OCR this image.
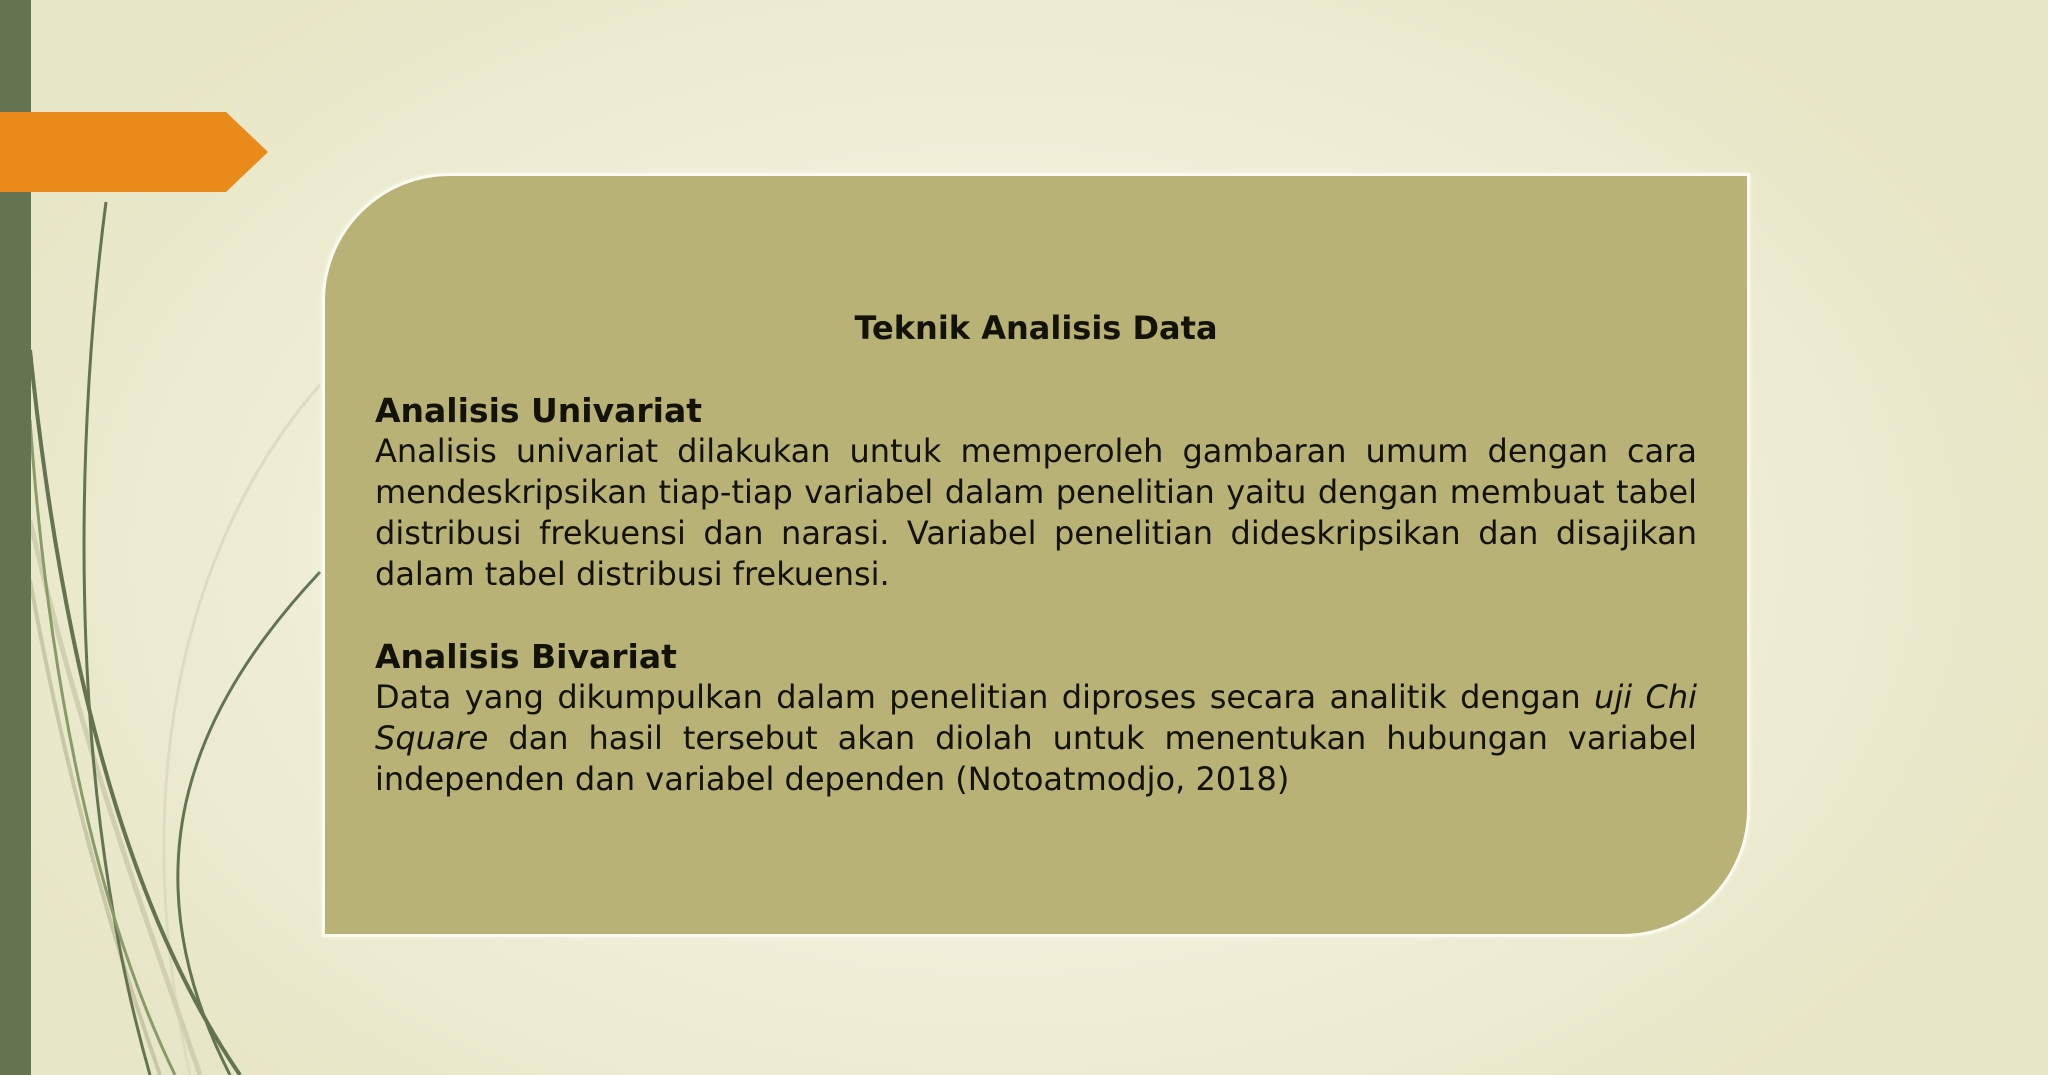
Teknik Analisis Data

Analisis Univariat

Analisis univariat dilakukan untuk memperoleh gambaran umum dengan cara mendeskripsikan tiap-tiap variabel dalam penelitian yaitu dengan membuat tabel distribusi frekuensi dan narasi. Variabel penelitian dideskripsikan dan disajikan dalam tabel distribusi frekuensi.

Analisis Bivariat

Data yang dikumpulkan dalam penelitian diproses secara analitik dengan uji Chi Square dan hasil tersebut akan diolah untuk menentukan hubungan variabel independen dan variabel dependen (Notoatmodjo, 2018)
